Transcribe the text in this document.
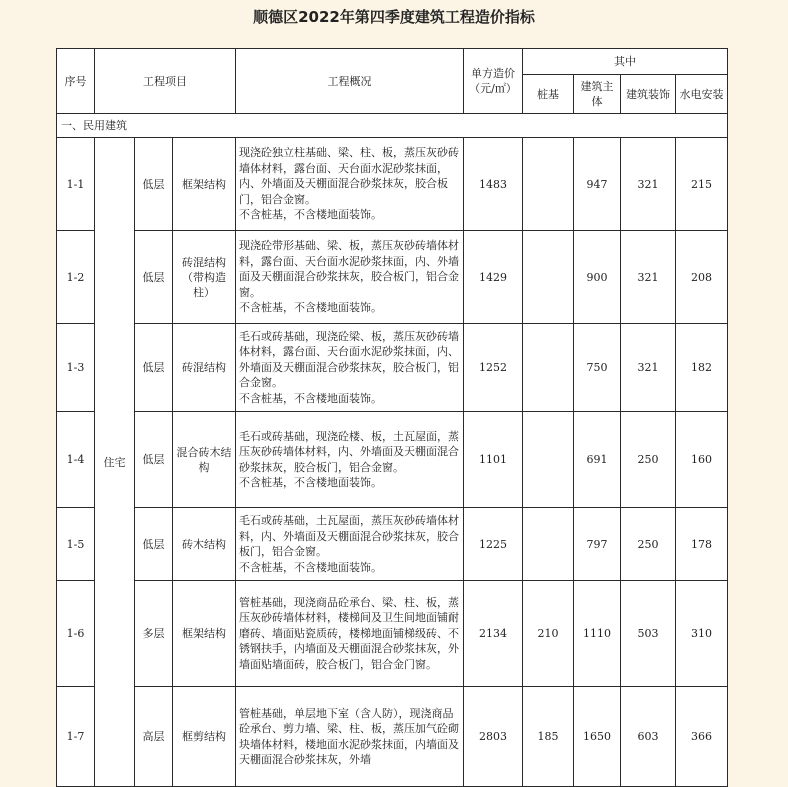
顺德区2022年第四季度建筑工程造价指标
序号	工程项目			工程概况	单方造价
（元/㎡）	其中			
						桩基	建筑主体	建筑装饰	水电安装
一、民用建筑									
1-1	住宅	低层	框架结构	现浇砼独立柱基础、梁、柱、板，蒸压灰砂砖墙体材料，露台面、天台面水泥砂浆抹面，内、外墙面及天棚面混合砂浆抹灰，胶合板门，铝合金窗。
不含桩基，不含楼地面装饰。	1483		947	321	215
1-2		低层	砖混结构（带构造柱）	现浇砼带形基础、梁、板，蒸压灰砂砖墙体材料，露台面、天台面水泥砂浆抹面，内、外墙面及天棚面混合砂浆抹灰，胶合板门，铝合金窗。
不含桩基，不含楼地面装饰。	1429		900	321	208
1-3		低层	砖混结构	毛石或砖基础，现浇砼梁、板，蒸压灰砂砖墙体材料，露台面、天台面水泥砂浆抹面，内、外墙面及天棚面混合砂浆抹灰，胶合板门，铝合金窗。
不含桩基，不含楼地面装饰。	1252		750	321	182
1-4		低层	混合砖木结构	毛石或砖基础，现浇砼楼、板，土瓦屋面，蒸压灰砂砖墙体材料，内、外墙面及天棚面混合砂浆抹灰，胶合板门，铝合金窗。
不含桩基，不含楼地面装饰。	1101		691	250	160
1-5		低层	砖木结构	毛石或砖基础，土瓦屋面，蒸压灰砂砖墙体材料，内、外墙面及天棚面混合砂浆抹灰，胶合板门，铝合金窗。
不含桩基，不含楼地面装饰。	1225		797	250	178
1-6		多层	框架结构	管桩基础，现浇商品砼承台、梁、柱、板，蒸压灰砂砖墙体材料，楼梯间及卫生间地面铺耐磨砖、墙面贴瓷质砖，楼梯地面铺梯级砖、不锈钢扶手，内墙面及天棚面混合砂浆抹灰，外墙面贴墙面砖，胶合板门，铝合金门窗。	2134	210	1110	503	310
1-7		高层	框剪结构	管桩基础，单层地下室（含人防），现浇商品砼承台、剪力墙、梁、柱、板，蒸压加气砼砌块墙体材料，楼地面水泥砂浆抹面，内墙面及天棚面混合砂浆抹灰，外墙	2803	185	1650	603	366
